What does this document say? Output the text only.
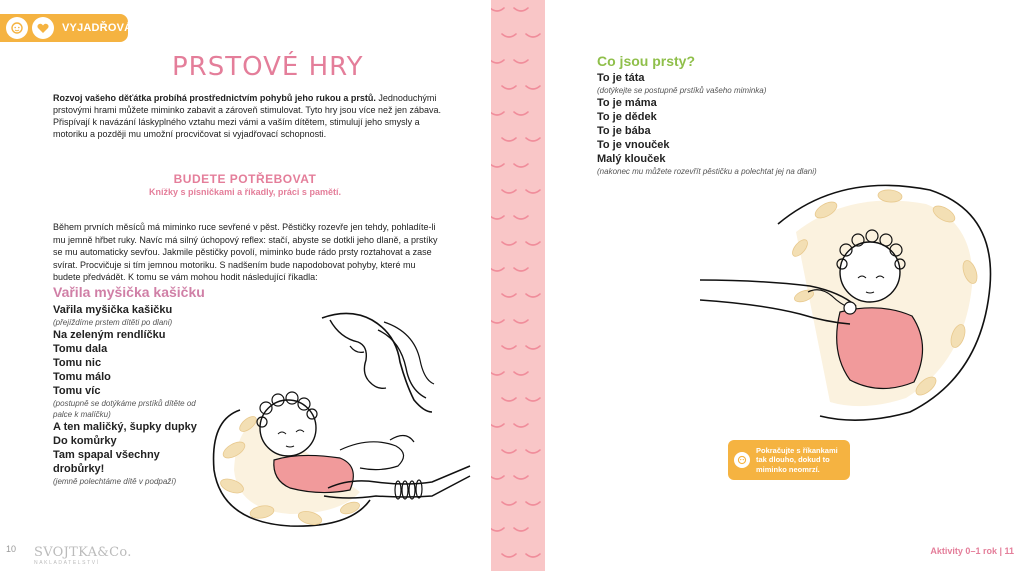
VYJADŘOVÁNÍ
PRSTOVÉ HRY
Rozvoj vašeho děťátka probíhá prostřednictvím pohybů jeho rukou a prstů. Jednoduchými prstovými hrami můžete miminko zabavit a zároveň stimulovat. Tyto hry jsou více než jen zábava. Přispívají k navázání láskyplného vztahu mezi vámi a vaším dítětem, stimulují jeho smysly a motoriku a později mu umožní procvičovat si vyjadřovací schopnosti.
BUDETE POTŘEBOVAT
Knížky s písničkami a říkadly, práci s pamětí.
Během prvních měsíců má miminko ruce sevřené v pěst. Pěstičky rozevře jen tehdy, pohladíte-li mu jemně hřbet ruky. Navíc má silný úchopový reflex: stačí, abyste se dotkli jeho dlaně, a prstíky se mu automaticky sevřou. Jakmile pěstičky povolí, miminko bude rádo prsty roztahovat a zase svírat. Procvičuje si tím jemnou motoriku. S nadšením bude napodobovat pohyby, které mu budete předvádět. K tomu se vám mohou hodit následující říkadla:
Vařila myšička kašičku
Vařila myšička kašičku
(přejíždíme prstem dítěti po dlani)
Na zeleným rendlíčku
Tomu dala
Tomu nic
Tomu málo
Tomu víc
(postupně se dotýkáme prstíků dítěte od palce k malíčku)
A ten maličký, šupky dupky
Do komůrky
Tam spapal všechny
drobůrky!
(jemně polechtáme dítě v podpaží)
Co jsou prsty?
To je táta
(dotýkejte se postupně prstíků vašeho miminka)
To je máma
To je dědek
To je bába
To je vnouček
Malý klouček
(nakonec mu můžete rozevřít pěstičku a polechtat jej na dlani)
Pokračujte s říkankami tak dlouho, dokud to miminko neomrzí.
10 SVOJTKA&Co.
NAKLADATELSTVÍ
Aktivity 0–1 rok | 11
